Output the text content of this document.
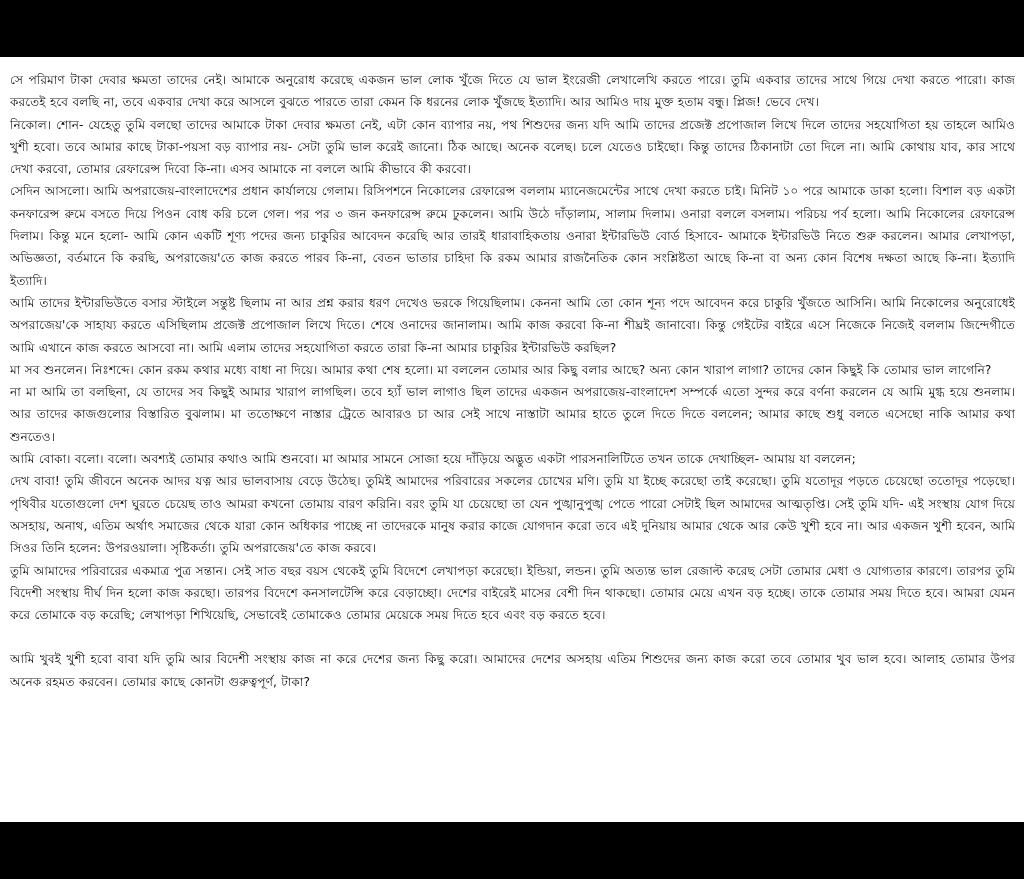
সে পরিমাণ টাকা দেবার ক্ষমতা তাদের নেই। আমাকে অনুরোধ করেছে একজন ভাল লোক খুঁজে দিতে যে ভাল ইংরেজী লেখালেখি করতে পারে। তুমি একবার তাদের সাথে গিয়ে দেখা করতে পারো। কাজ করতেই হবে বলছি না, তবে একবার দেখা করে আসলে বুঝতে পারতে তারা কেমন কি ধরনের লোক খুঁজছে ইত্যাদি। আর আমিও দায় মুক্ত হতাম বন্ধু। প্লিজ! ভেবে দেখ।

নিকোল। শোন- যেহেতু তুমি বলছো তাদের আমাকে টাকা দেবার ক্ষমতা নেই, এটা কোন ব্যাপার নয়, পথ শিশুদের জন্য যদি আমি তাদের প্রজেক্ট প্রপোজাল লিখে দিলে তাদের সহযোগিতা হয় তাহলে আমিও খুশী হবো। তবে আমার কাছে টাকা-পয়সা বড় ব্যাপার নয়- সেটা তুমি ভাল করেই জানো। ঠিক আছে। অনেক বলেছ। চলে যেতেও চাইছো। কিন্তু তাদের ঠিকানাটা তো দিলে না। আমি কোথায় যাব, কার সাথে দেখা করবো, তোমার রেফারেন্স দিবো কি-না। এসব আমাকে না বললে আমি কীভাবে কী করবো।

সেদিন আসলো। আমি অপরাজেয়-বাংলাদেশের প্রধান কার্যালয়ে গেলাম। রিসিপশনে নিকোলের রেফারেন্স বললাম ম্যানেজমেন্টের সাথে দেখা করতে চাই। মিনিট ১০ পরে আমাকে ডাকা হলো। বিশাল বড় একটা কনফারেন্স রুমে বসতে দিয়ে পিওন বোধ করি চলে গেল। পর পর ৩ জন কনফারেন্স রুমে ঢুকলেন। আমি উঠে দাঁড়ালাম, সালাম দিলাম। ওনারা বললে বসলাম। পরিচয় পর্ব হলো। আমি নিকোলের রেফারেন্স দিলাম। কিন্তু মনে হলো- আমি কোন একটি শূণ্য পদের জন্য চাকুরির আবেদন করেছি আর তারই ধারাবাহিকতায় ওনারা ইন্টারভিউ বোর্ড হিসাবে- আমাকে ইন্টারভিউ নিতে শুরু করলেন। আমার লেখাপড়া, অভিজ্ঞতা, বর্তমানে কি করছি, অপরাজেয়'তে কাজ করতে পারব কি-না, বেতন ভাতার চাহিদা কি রকম আমার রাজনৈতিক কোন সংশ্লিষ্টতা আছে কি-না বা অন্য কোন বিশেষ দক্ষতা আছে কি-না। ইত্যাদি ইত্যাদি।

আমি তাদের ইন্টারভিউতে বসার স্টাইলে সন্তুষ্ট ছিলাম না আর প্রশ্ন করার ধরণ দেখেও ভরকে গিয়েছিলাম। কেননা আমি তো কোন শূন্য পদে আবেদন করে চাকুরি খুঁজতে আসিনি। আমি নিকোলের অনুরোধেই অপরাজেয়'কে সাহায্য করতে এসিছিলাম প্রজেক্ট প্রপোজাল লিখে দিতে। শেষে ওনাদের জানালাম। আমি কাজ করবো কি-না শীঘ্রই জানাবো। কিন্তু গেইটের বাইরে এসে নিজেকে নিজেই বললাম জিন্দেগীতে আমি এখানে কাজ করতে আসবো না। আমি এলাম তাদের সহযোগিতা করতে তারা কি-না আমার চাকুরির ইন্টারভিউ করছিল?

মা সব শুনলেন। নিঃশব্দে। কোন রকম কথার মধ্যে বাধা না দিয়ে। আমার কথা শেষ হলো। মা বললেন তোমার আর কিছু বলার আছে? অন্য কোন খারাপ লাগা? তাদের কোন কিছুই কি তোমার ভাল লাগেনি?

না মা আমি তা বলছিনা, যে তাদের সব কিছুই আমার খারাপ লাগছিল। তবে হ্যাঁ ভাল লাগাও ছিল তাদের একজন অপরাজেয়-বাংলাদেশ সম্পর্কে এতো সুন্দর করে বর্ণনা করলেন যে আমি মুগ্ধ হয়ে শুনলাম। আর তাদের কাজগুলোর বিস্তারিত বুঝলাম। মা ততোক্ষণে নাস্তার ট্রেতে আবারও চা আর সেই সাথে নাস্তাটা আমার হাতে তুলে দিতে দিতে বললেন; আমার কাছে শুধু বলতে এসেছো নাকি আমার কথা শুনতেও।

আমি বোকা। বলো। বলো। অবশ্যই তোমার কথাও আমি শুনবো। মা আমার সামনে সোজা হয়ে দাঁড়িয়ে অদ্ভুত একটা পারসনালিটিতে তখন তাকে দেখাচ্ছিল- আমায় যা বললেন;

দেখ বাবা! তুমি জীবনে অনেক আদর যত্ন আর ভালবাসায় বেড়ে উঠেছ। তুমিই আমাদের পরিবারের সকলের চোখের মণি। তুমি যা ইচ্ছে করেছো তাই করেছো। তুমি যতোদূর পড়তে চেয়েছো ততোদূর পড়েছো। পৃথিবীর যতোগুলো দেশ ঘুরতে চেয়েছ তাও আমরা কখনো তোমায় বারণ করিনি। বরং তুমি যা চেয়েছো তা যেন পুঙ্খানুপুঙ্খ পেতে পারো সেটাই ছিল আমাদের আত্মতৃপ্তি। সেই তুমি যদি- এই সংস্থায় যোগ দিয়ে অসহায়, অনাথ, এতিম অর্থাৎ সমাজের থেকে যারা কোন অধিকার পাচ্ছে না তাদেরকে মানুষ করার কাজে যোগদান করো তবে এই দুনিয়ায় আমার থেকে আর কেউ খুশী হবে না। আর একজন খুশী হবেন, আমি সিওর তিনি হলেন: উপরওয়ালা। সৃষ্টিকর্তা। তুমি অপরাজেয়'তে কাজ করবে।

তুমি আমাদের পরিবারের একমাত্র পুত্র সন্তান। সেই সাত বছর বয়স থেকেই তুমি বিদেশে লেখাপড়া করেছো। ইন্ডিয়া, লন্ডন। তুমি অত্যন্ত ভাল রেজাল্ট করেছ সেটা তোমার মেধা ও যোগ্যতার কারণে। তারপর তুমি বিদেশী সংস্থায় দীর্ঘ দিন হলো কাজ করছো। তারপর বিদেশে কনসালটেন্সি করে বেড়াচ্ছো। দেশের বাইরেই মাসের বেশী দিন থাকছো। তোমার মেয়ে এখন বড় হচ্ছে। তাকে তোমার সময় দিতে হবে। আমরা যেমন করে তোমাকে বড় করেছি; লেখাপড়া শিখিয়েছি, সেভাবেই তোমাকেও তোমার মেয়েকে সময় দিতে হবে এবং বড় করতে হবে।

আমি খুবই খুশী হবো বাবা যদি তুমি আর বিদেশী সংস্থায় কাজ না করে দেশের জন্য কিছু করো। আমাদের দেশের অসহায় এতিম শিশুদের জন্য কাজ করো তবে তোমার খুব ভাল হবে। আলাহ তোমার উপর অনেক রহমত করবেন। তোমার কাছে কোনটা গুরুত্বপূর্ণ, টাকা?
